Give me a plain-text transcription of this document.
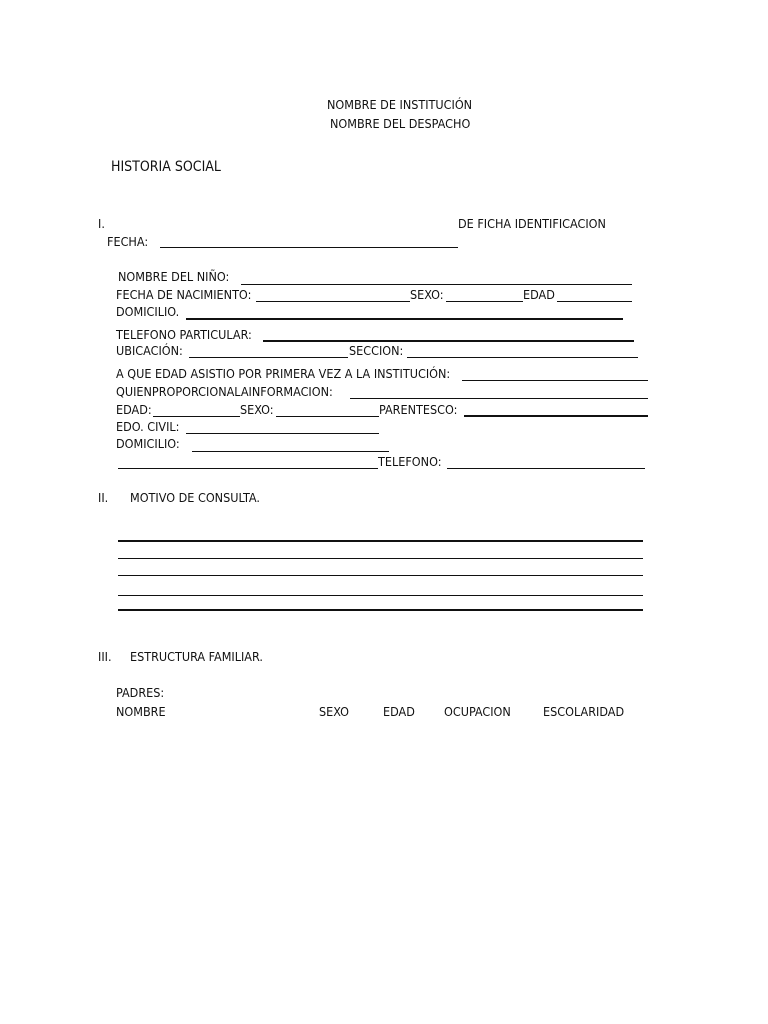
NOMBRE DE INSTITUCIÓN
NOMBRE DEL DESPACHO
HISTORIA SOCIAL
I.	DE FICHA IDENTIFICACION
FECHA:
NOMBRE DEL NIÑO:
FECHA DE NACIMIENTO:	SEXO:	EDAD
DOMICILIO.
TELEFONO PARTICULAR:
UBICACIÓN:	SECCION:
A QUE EDAD ASISTIO POR PRIMERA VEZ A LA INSTITUCIÓN:
QUIENPROPORCIONALAINFORMACION:
EDAD:	SEXO:	PARENTESCO:
EDO. CIVIL:
DOMICILIO:
TELEFONO:
II. MOTIVO DE CONSULTA.
III. ESTRUCTURA FAMILIAR.
PADRES:
NOMBRE	SEXO	EDAD OCUPACION	ESCOLARIDAD
